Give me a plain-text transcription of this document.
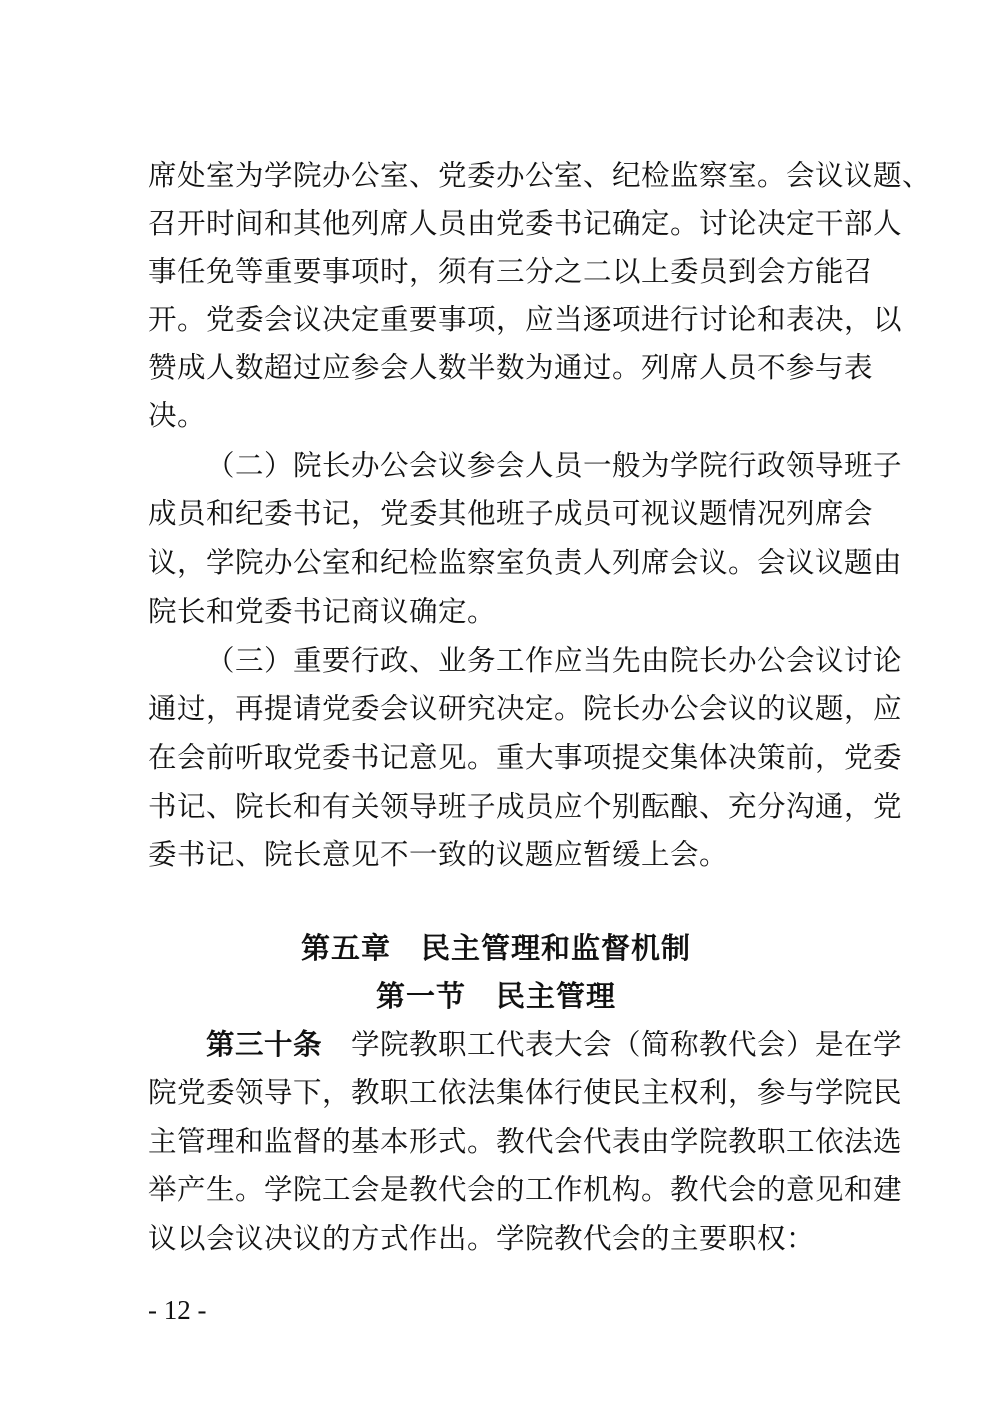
席处室为学院办公室、党委办公室、纪检监察室。会议议题、
召开时间和其他列席人员由党委书记确定。讨论决定干部人
事任免等重要事项时，须有三分之二以上委员到会方能召
开。党委会议决定重要事项，应当逐项进行讨论和表决，以
赞成人数超过应参会人数半数为通过。列席人员不参与表
决。
（二）院长办公会议参会人员一般为学院行政领导班子
成员和纪委书记，党委其他班子成员可视议题情况列席会
议，学院办公室和纪检监察室负责人列席会议。会议议题由
院长和党委书记商议确定。
（三）重要行政、业务工作应当先由院长办公会议讨论
通过，再提请党委会议研究决定。院长办公会议的议题，应
在会前听取党委书记意见。重大事项提交集体决策前，党委
书记、院长和有关领导班子成员应个别酝酿、充分沟通，党
委书记、院长意见不一致的议题应暂缓上会。
第五章　民主管理和监督机制
第一节　民主管理
第三十条　学院教职工代表大会（简称教代会）是在学
院党委领导下，教职工依法集体行使民主权利，参与学院民
主管理和监督的基本形式。教代会代表由学院教职工依法选
举产生。学院工会是教代会的工作机构。教代会的意见和建
议以会议决议的方式作出。学院教代会的主要职权：
- 12 -
